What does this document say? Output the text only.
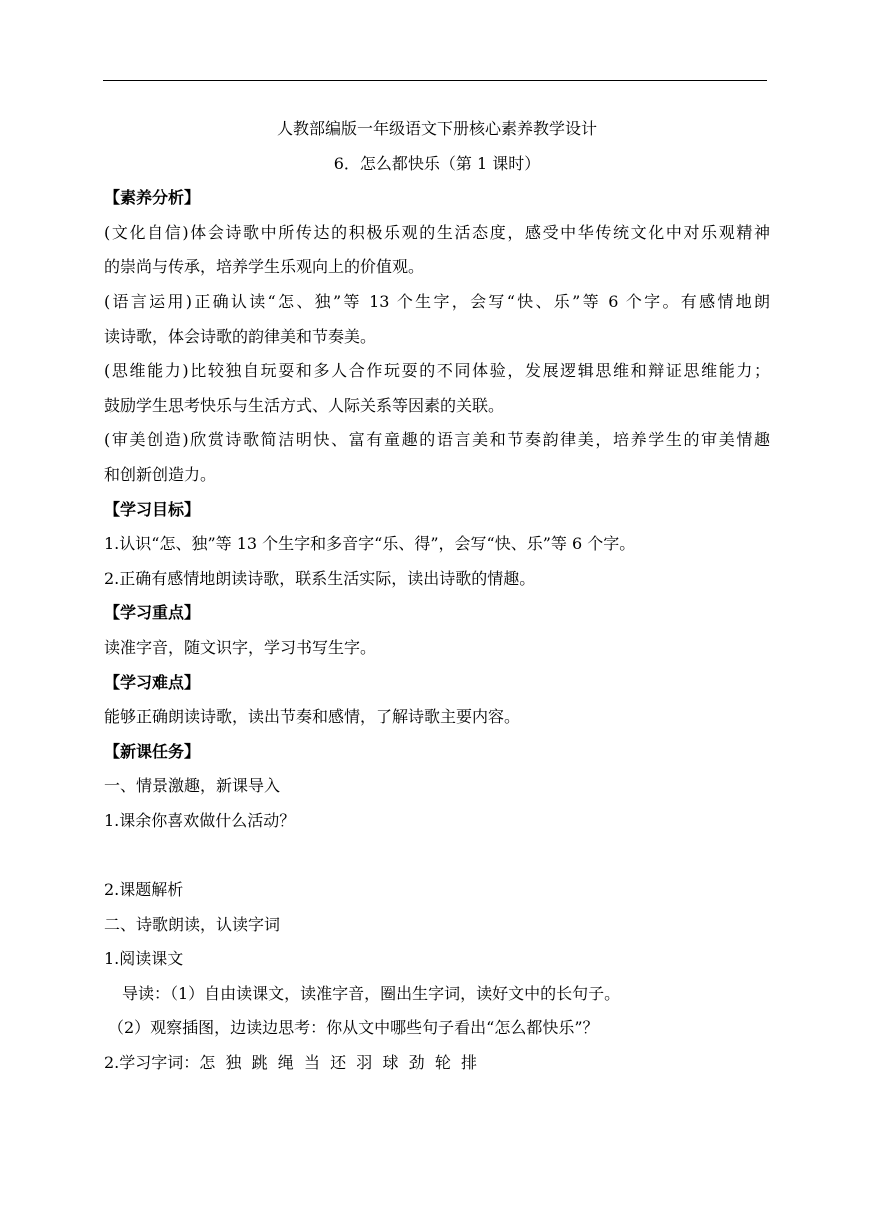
人教部编版一年级语文下册核心素养教学设计
6．怎么都快乐（第 1 课时）
【素养分析】
(文化自信)体会诗歌中所传达的积极乐观的生活态度，感受中华传统文化中对乐观精神
的崇尚与传承，培养学生乐观向上的价值观。
(语言运用)正确认读“怎、独”等 13 个生字，会写“快、乐”等 6 个字。有感情地朗
读诗歌，体会诗歌的韵律美和节奏美。
(思维能力)比较独自玩耍和多人合作玩耍的不同体验，发展逻辑思维和辩证思维能力；
鼓励学生思考快乐与生活方式、人际关系等因素的关联。
(审美创造)欣赏诗歌简洁明快、富有童趣的语言美和节奏韵律美，培养学生的审美情趣
和创新创造力。
【学习目标】
1.认识“怎、独”等 13 个生字和多音字“乐、得”，会写“快、乐”等 6 个字。
2.正确有感情地朗读诗歌，联系生活实际，读出诗歌的情趣。
【学习重点】
读准字音，随文识字，学习书写生字。
【学习难点】
能够正确朗读诗歌，读出节奏和感情，了解诗歌主要内容。
【新课任务】
一、情景激趣，新课导入
1.课余你喜欢做什么活动？
2.课题解析
二、诗歌朗读，认读字词
1.阅读课文
导读：（1）自由读课文，读准字音，圈出生字词，读好文中的长句子。
（2）观察插图，边读边思考：你从文中哪些句子看出“怎么都快乐”？
2.学习字词：怎  独  跳  绳  当  还  羽  球  劲  轮  排
